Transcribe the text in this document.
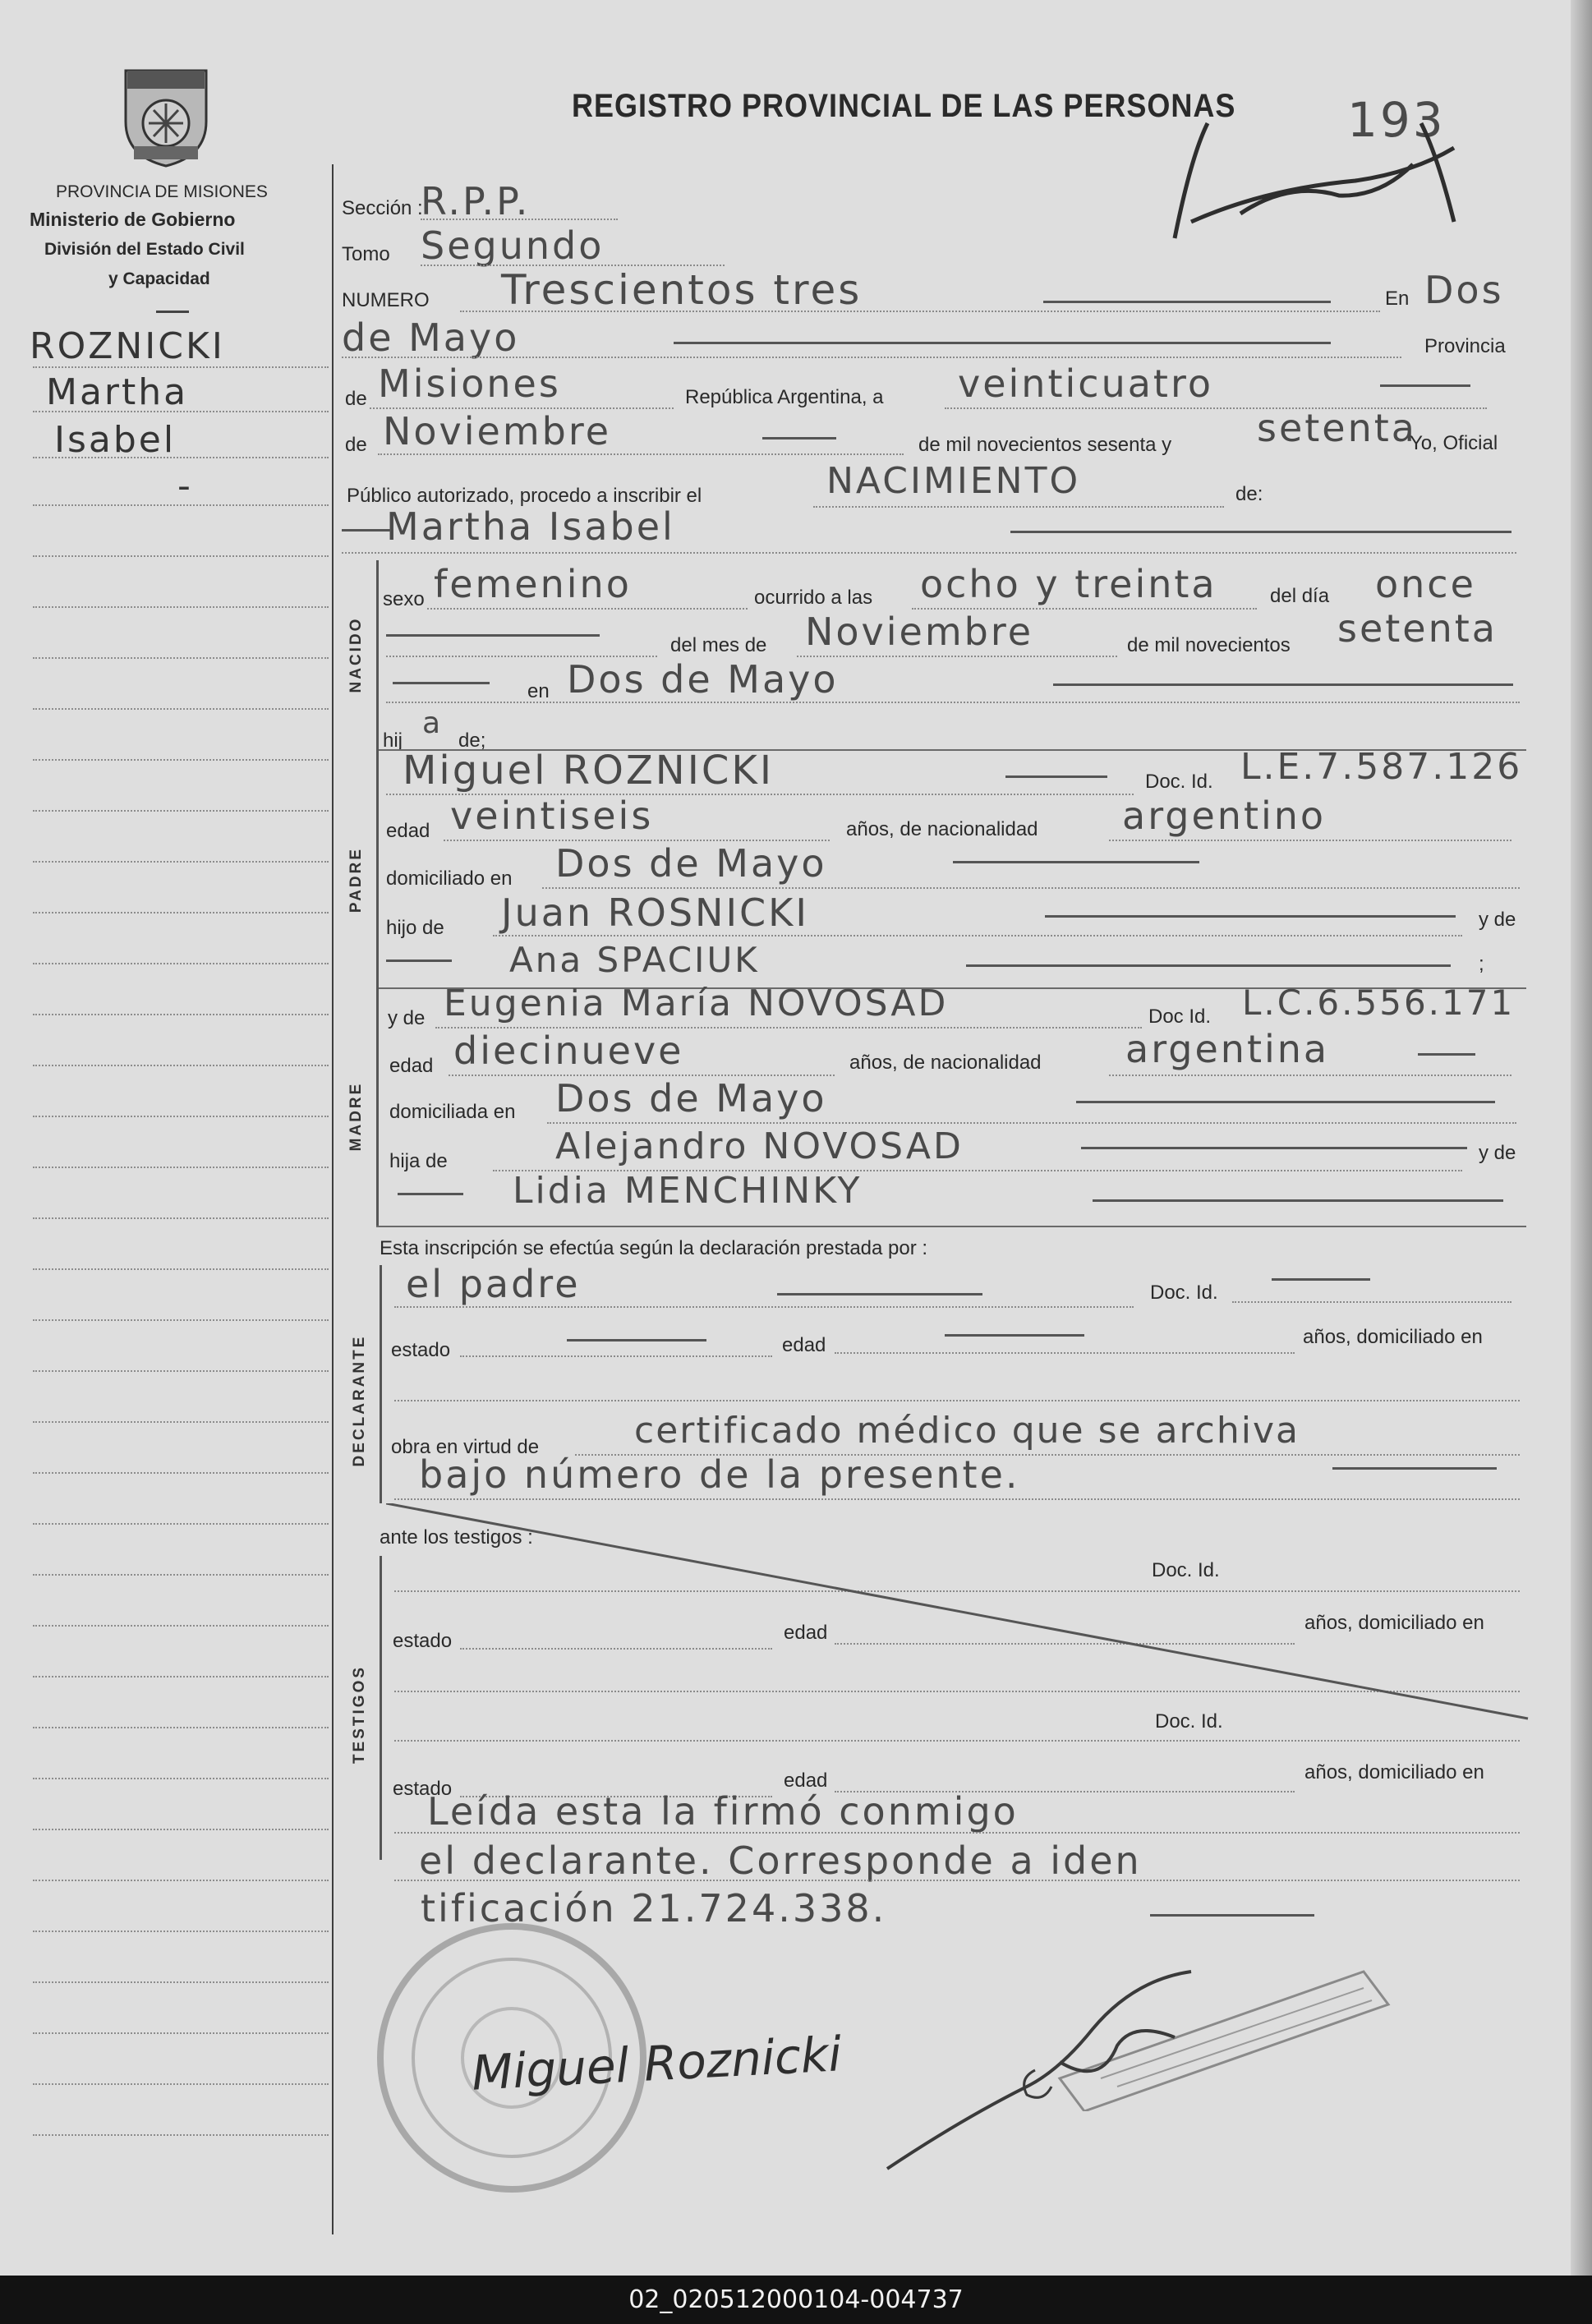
REGISTRO PROVINCIAL DE LAS PERSONAS 193
PROVINCIA DE MISIONES
Ministerio de Gobierno
División del Estado Civil
y Capacidad
ROZNICKI
Martha
Isabel
-
Sección :
R.P.P.
Tomo Segundo
NUMERO Trescientos tres	En Dos
de Mayo	Provincia
de Misiones	República Argentina, a veinticuatro
de Noviembre	de mil novecientos sesenta y setenta
Yo, Oficial
Público autorizado, procedo a inscribir el	NACIMIENTO	de:
Martha Isabel
NACIDO
sexo femenino	ocurrido a las ocho y treinta	del día once
del mes de Noviembre	de mil novecientos setenta
en Dos de Mayo
hij
a
de;
PADRE
Miguel ROZNICKI	Doc. Id. L.E.7.587.126
edad veintiseis	años, de nacionalidad argentino
domiciliado en Dos de Mayo
hijo de Juan ROSNICKI	y de
Ana SPACIUK	;
MADRE
y de Eugenia María NOVOSAD	Doc Id. L.C.6.556.171
edad diecinueve	años, de nacionalidad argentina
domiciliada en Dos de Mayo
hija de	Alejandro NOVOSAD	y de
Lidia MENCHINKY
Esta inscripción se efectúa según la declaración prestada por :
DECLARANTE
el padre	Doc. Id.
estado	edad	años, domiciliado en
obra en virtud de	certificado médico que se archiva
bajo número de la presente.
ante los testigos :
TESTIGOS
Doc. Id.
estado	edad	años, domiciliado en
Doc. Id.
estado	edad	años, domiciliado en
Leída esta la firmó conmigo
el declarante. Corresponde a iden
tificación 21.724.338.
Miguel Roznicki
02_020512000104-004737
